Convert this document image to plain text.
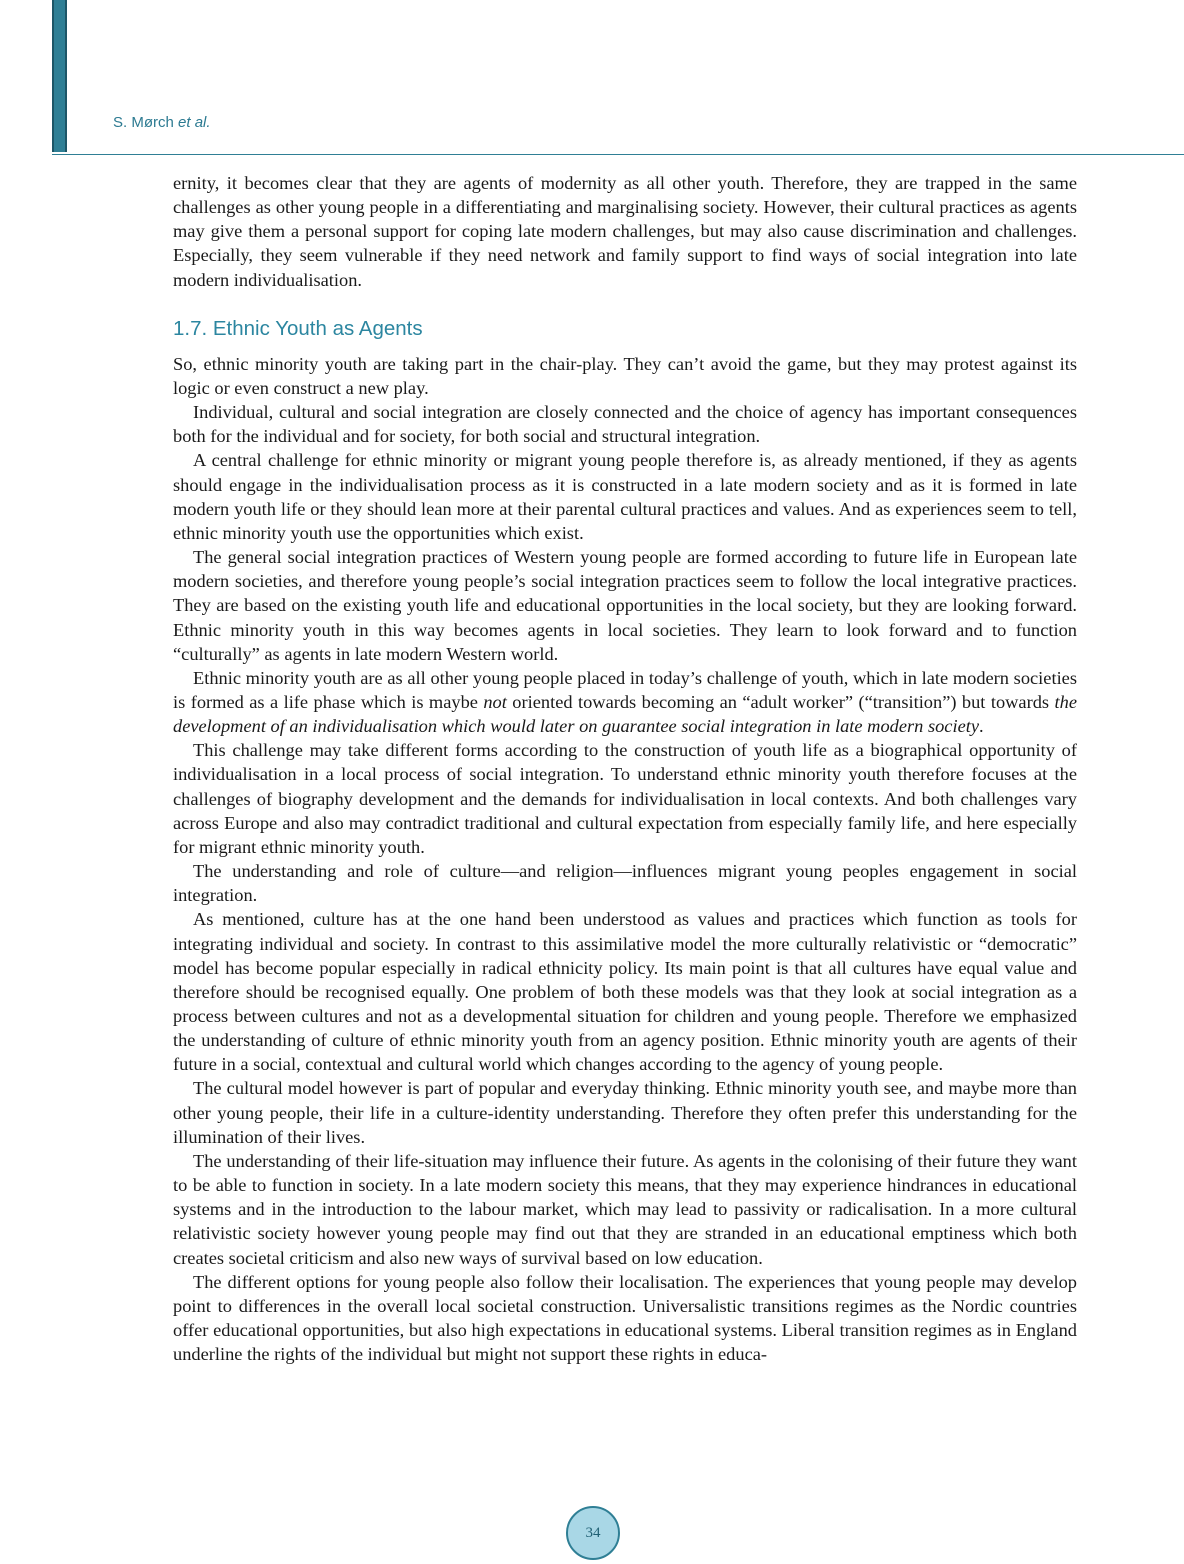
S. Mørch et al.

ernity, it becomes clear that they are agents of modernity as all other youth. Therefore, they are trapped in the same challenges as other young people in a differentiating and marginalising society. However, their cultural practices as agents may give them a personal support for coping late modern challenges, but may also cause discrimination and challenges. Especially, they seem vulnerable if they need network and family support to find ways of social integration into late modern individualisation.

1.7. Ethnic Youth as Agents

So, ethnic minority youth are taking part in the chair-play. They can’t avoid the game, but they may protest against its logic or even construct a new play.

Individual, cultural and social integration are closely connected and the choice of agency has important consequences both for the individual and for society, for both social and structural integration.

A central challenge for ethnic minority or migrant young people therefore is, as already mentioned, if they as agents should engage in the individualisation process as it is constructed in a late modern society and as it is formed in late modern youth life or they should lean more at their parental cultural practices and values. And as experiences seem to tell, ethnic minority youth use the opportunities which exist.

The general social integration practices of Western young people are formed according to future life in European late modern societies, and therefore young people’s social integration practices seem to follow the local integrative practices. They are based on the existing youth life and educational opportunities in the local society, but they are looking forward. Ethnic minority youth in this way becomes agents in local societies. They learn to look forward and to function “culturally” as agents in late modern Western world.

Ethnic minority youth are as all other young people placed in today’s challenge of youth, which in late modern societies is formed as a life phase which is maybe not oriented towards becoming an “adult worker” (“transition”) but towards the development of an individualisation which would later on guarantee social integration in late modern society.

This challenge may take different forms according to the construction of youth life as a biographical opportunity of individualisation in a local process of social integration. To understand ethnic minority youth therefore focuses at the challenges of biography development and the demands for individualisation in local contexts. And both challenges vary across Europe and also may contradict traditional and cultural expectation from especially family life, and here especially for migrant ethnic minority youth.

The understanding and role of culture—and religion—influences migrant young peoples engagement in social integration.

As mentioned, culture has at the one hand been understood as values and practices which function as tools for integrating individual and society. In contrast to this assimilative model the more culturally relativistic or “democratic” model has become popular especially in radical ethnicity policy. Its main point is that all cultures have equal value and therefore should be recognised equally. One problem of both these models was that they look at social integration as a process between cultures and not as a developmental situation for children and young people. Therefore we emphasized the understanding of culture of ethnic minority youth from an agency position. Ethnic minority youth are agents of their future in a social, contextual and cultural world which changes according to the agency of young people.

The cultural model however is part of popular and everyday thinking. Ethnic minority youth see, and maybe more than other young people, their life in a culture-identity understanding. Therefore they often prefer this understanding for the illumination of their lives.

The understanding of their life-situation may influence their future. As agents in the colonising of their future they want to be able to function in society. In a late modern society this means, that they may experience hindrances in educational systems and in the introduction to the labour market, which may lead to passivity or radicalisation. In a more cultural relativistic society however young people may find out that they are stranded in an educational emptiness which both creates societal criticism and also new ways of survival based on low education.

The different options for young people also follow their localisation. The experiences that young people may develop point to differences in the overall local societal construction. Universalistic transitions regimes as the Nordic countries offer educational opportunities, but also high expectations in educational systems. Liberal transition regimes as in England underline the rights of the individual but might not support these rights in educa-

34
